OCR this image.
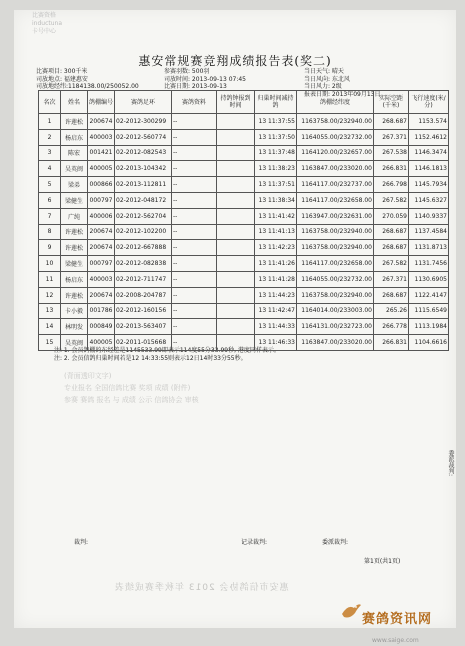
比赛资格
inductuna
卡号中心
惠安常规赛竞翔成绩报告表(奖二)
比赛项目: 300千米
司放地点: 福建惠安
司放地经纬:1184138.00/250052.00
参赛羽数: 500羽
司放时间: 2013-09-13 07:45
比赛日期: 2013-09-13
当日天气: 晴天
当日风向: 东北风
当日风力: 2级
报表日期: 2013年09月13日
委派裁判:
注: 1. 会员鸽棚的东经差是1145533.99即表示114度55分33.99秒, 港度同样表示。
注: 2. 会员信鸽归巢时间若是12 14:33:55则表示12日14时33分55秒。
(背面透印文字)
专业报名 全国信鸽比赛 奖项 成绩 (附件)
参赛 赛鸽 报名 与 成绩 公示 信鸽协会 审核
裁判:	记录裁判:	委派裁判:
第1页(共1页)
惠安市信鸽协会 2013 年秋季赛成绩表
赛鸽资讯网
www.saige.com
名次	姓名	鸽棚编号	赛鸽足环	赛鸽资料	持鸽钟报到时间	归巢时间减持鸽	鸽棚经纬度	实际空距(千米)	飞行速度(米/分)
1	许莲松	200674	02-2012-300299	--		13 11:37:55	1163758.00/232940.00	268.687	1153.574
2	杨启东	400003	02-2012-560774	--		13 11:37:50	1164055.00/232732.00	267.371	1152.4612
3	陈宏	001421	02-2012-082543	--		13 11:37:48	1164120.00/232657.00	267.538	1146.3474
4	吴英闽	400005	02-2013-104342	--		13 11:38:23	1163847.00/233020.00	266.831	1146.1813
5	梁弟	000866	02-2013-112811	--		13 11:37:51	1164117.00/232737.00	266.798	1145.7934
6	梁健生	000797	02-2012-048172	--		13 11:38:34	1164117.00/232658.00	267.582	1145.6327
7	广纯	400006	02-2012-562704	--		13 11:41:42	1163947.00/232631.00	270.059	1140.9337
8	许莲松	200674	02-2012-102200	--		13 11:41:13	1163758.00/232940.00	268.687	1137.4584
9	许莲松	200674	02-2012-667888	--		13 11:42:23	1163758.00/232940.00	268.687	1131.8713
10	梁健生	000797	02-2012-082838	--		13 11:41:26	1164117.00/232658.00	267.582	1131.7456
11	杨启东	400003	02-2012-711747	--		13 11:41:28	1164055.00/232732.00	267.371	1130.6905
12	许莲松	200674	02-2008-204787	--		13 11:44:23	1163758.00/232940.00	268.687	1122.4147
13	卡小毅	001786	02-2012-160156	--		13 11:42:47	1164014.00/233003.00	265.26	1115.6549
14	林明发	000849	02-2013-563407	--		13 11:44:33	1164131.00/232723.00	266.778	1113.1984
15	吴英闽	400005	02-2011-015668	--		13 11:46:33	1163847.00/233020.00	266.831	1104.6616
